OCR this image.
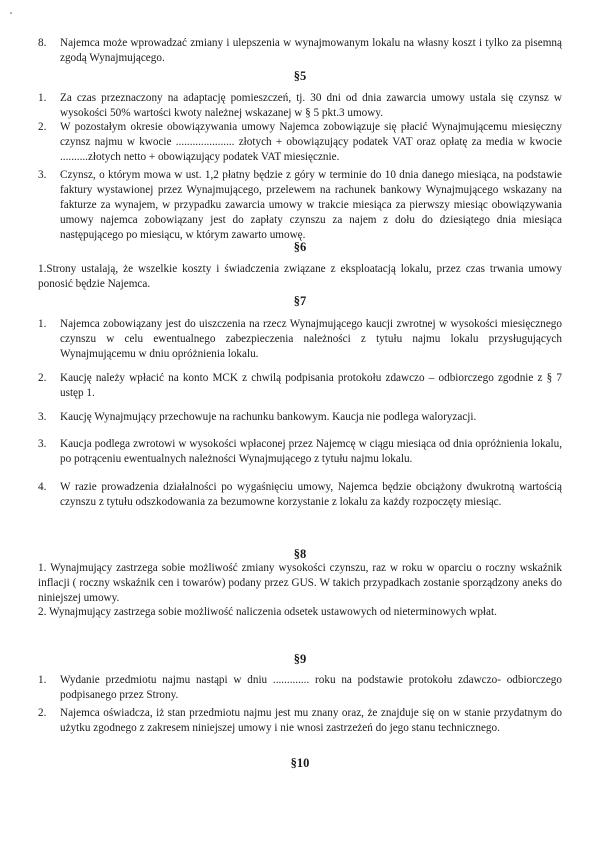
8. Najemca może wprowadzać zmiany i ulepszenia w wynajmowanym lokalu na własny koszt i tylko za pisemną zgodą Wynajmującego.
§5
1. Za czas przeznaczony na adaptację pomieszczeń, tj. 30 dni od dnia zawarcia umowy ustala się czynsz w wysokości 50% wartości kwoty należnej wskazanej w § 5 pkt.3 umowy.
2. W pozostałym okresie obowiązywania umowy Najemca zobowiązuje się płacić Wynajmującemu miesięczny czynsz najmu w kwocie ..................... złotych + obowiązujący podatek VAT oraz opłatę za media w kwocie ..........złotych netto + obowiązujący podatek VAT miesięcznie.
3. Czynsz, o którym mowa w ust. 1,2 płatny będzie z góry w terminie do 10 dnia danego miesiąca, na podstawie faktury wystawionej przez Wynajmującego, przelewem na rachunek bankowy Wynajmującego wskazany na fakturze za wynajem, w przypadku zawarcia umowy w trakcie miesiąca za pierwszy miesiąc obowiązywania umowy najemca zobowiązany jest do zapłaty czynszu za najem z dołu do dziesiątego dnia miesiąca następującego po miesiącu, w którym zawarto umowę.
§6
1.Strony ustalają, że wszelkie koszty i świadczenia związane z eksploatacją lokalu, przez czas trwania umowy ponosić będzie Najemca.
§7
1. Najemca zobowiązany jest do uiszczenia na rzecz Wynajmującego kaucji zwrotnej w wysokości miesięcznego czynszu w celu ewentualnego zabezpieczenia należności z tytułu najmu lokalu przysługujących Wynajmującemu w dniu opróżnienia lokalu.
2. Kaucję należy wpłacić na konto MCK z chwilą podpisania protokołu zdawczo – odbiorczego zgodnie z § 7 ustęp 1.
3. Kaucję Wynajmujący przechowuje na rachunku bankowym. Kaucja nie podlega waloryzacji.
3. Kaucja podlega zwrotowi w wysokości wpłaconej przez Najemcę w ciągu miesiąca od dnia opróżnienia lokalu, po potrąceniu ewentualnych należności Wynajmującego z tytułu najmu lokalu.
4. W razie prowadzenia działalności po wygaśnięciu umowy, Najemca będzie obciążony dwukrotną wartością czynszu z tytułu odszkodowania za bezumowne korzystanie z lokalu za każdy rozpoczęty miesiąc.
§8
1. Wynajmujący zastrzega sobie możliwość zmiany wysokości czynszu, raz w roku w oparciu o roczny wskaźnik inflacji ( roczny wskaźnik cen i towarów) podany przez GUS. W takich przypadkach zostanie sporządzony aneks do niniejszej umowy.
2. Wynajmujący zastrzega sobie możliwość naliczenia odsetek ustawowych od nieterminowych wpłat.
§9
1. Wydanie przedmiotu najmu nastąpi w dniu ............. roku na podstawie protokołu zdawczo- odbiorczego podpisanego przez Strony.
2. Najemca oświadcza, iż stan przedmiotu najmu jest mu znany oraz, że znajduje się on w stanie przydatnym do użytku zgodnego z zakresem niniejszej umowy i nie wnosi zastrzeżeń do jego stanu technicznego.
§10
